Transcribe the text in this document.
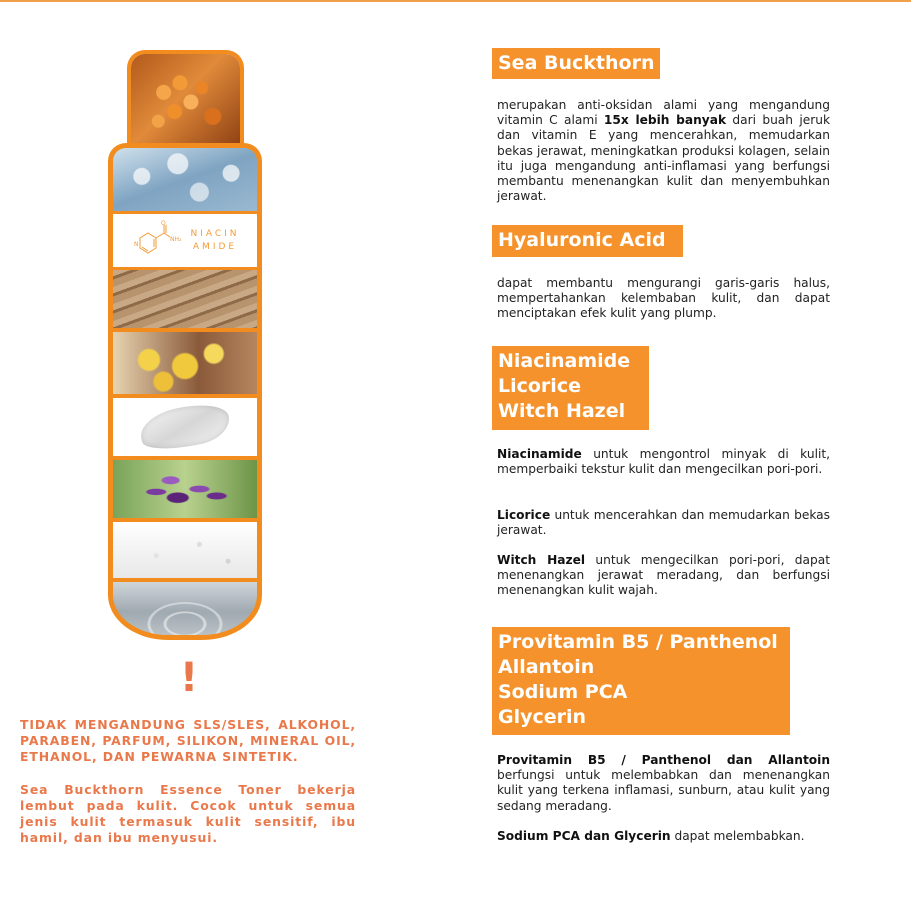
O
NH₂
N
NIACIN
AMIDE
!

TIDAK MENGANDUNG SLS/SLES, ALKOHOL, PARABEN, PARFUM, SILIKON, MINERAL OIL, ETHANOL, DAN PEWARNA SINTETIK.

Sea Buckthorn Essence Toner bekerja lembut pada kulit. Cocok untuk semua jenis kulit termasuk kulit sensitif, ibu hamil, dan ibu menyusui.

Sea Buckthorn

merupakan anti-oksidan alami yang mengandung vitamin C alami 15x lebih banyak dari buah jeruk dan vitamin E yang mencerahkan, memudarkan bekas jerawat, meningkatkan produksi kolagen, selain itu juga mengandung anti-inflamasi yang berfungsi membantu menenangkan kulit dan menyembuhkan jerawat.

Hyaluronic Acid

dapat membantu mengurangi garis-garis halus, mempertahankan kelembaban kulit, dan dapat menciptakan efek kulit yang plump.

Niacinamide
Licorice
Witch Hazel

Niacinamide untuk mengontrol minyak di kulit, memperbaiki tekstur kulit dan mengecilkan pori-pori.

Licorice untuk mencerahkan dan memudarkan bekas jerawat.

Witch Hazel untuk mengecilkan pori-pori, dapat menenangkan jerawat meradang, dan berfungsi menenangkan kulit wajah.

Provitamin B5 / Panthenol
Allantoin
Sodium PCA
Glycerin

Provitamin B5 / Panthenol dan Allantoin berfungsi untuk melembabkan dan menenangkan kulit yang terkena inflamasi, sunburn, atau kulit yang sedang meradang.

Sodium PCA dan Glycerin dapat melembabkan.
